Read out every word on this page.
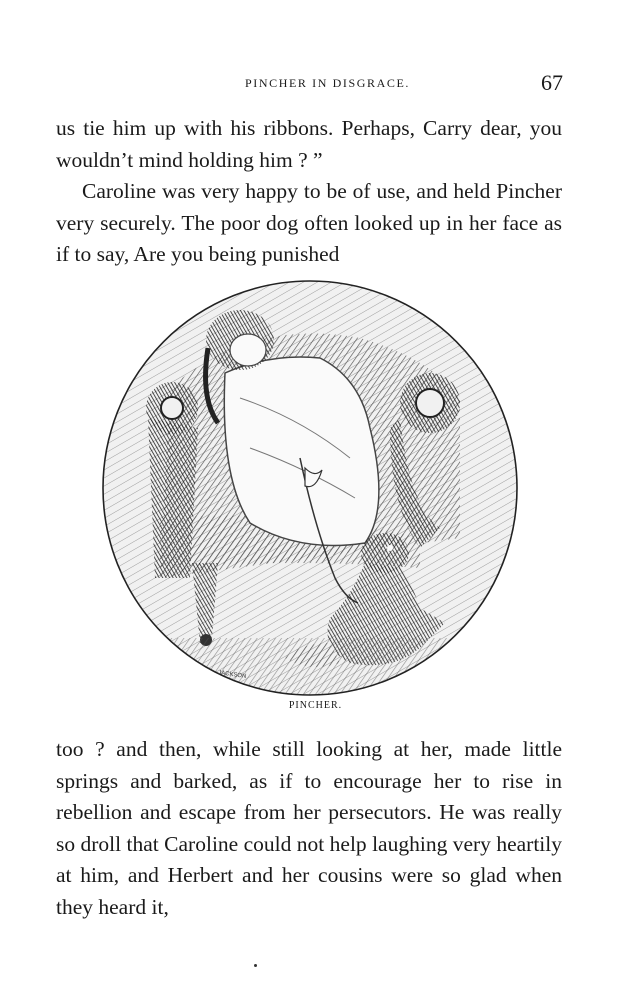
PINCHER IN DISGRACE.	67

us tie him up with his ribbons. Perhaps, Carry dear, you wouldn’t mind holding him ? ”

Caroline was very happy to be of use, and held Pincher very securely. The poor dog often looked up in her face as if to say, Are you being punished

JACKSON
PINCHER.

too ? and then, while still looking at her, made little springs and barked, as if to encourage her to rise in rebellion and escape from her persecutors. He was really so droll that Caroline could not help laughing very heartily at him, and Herbert and her cousins were so glad when they heard it,
